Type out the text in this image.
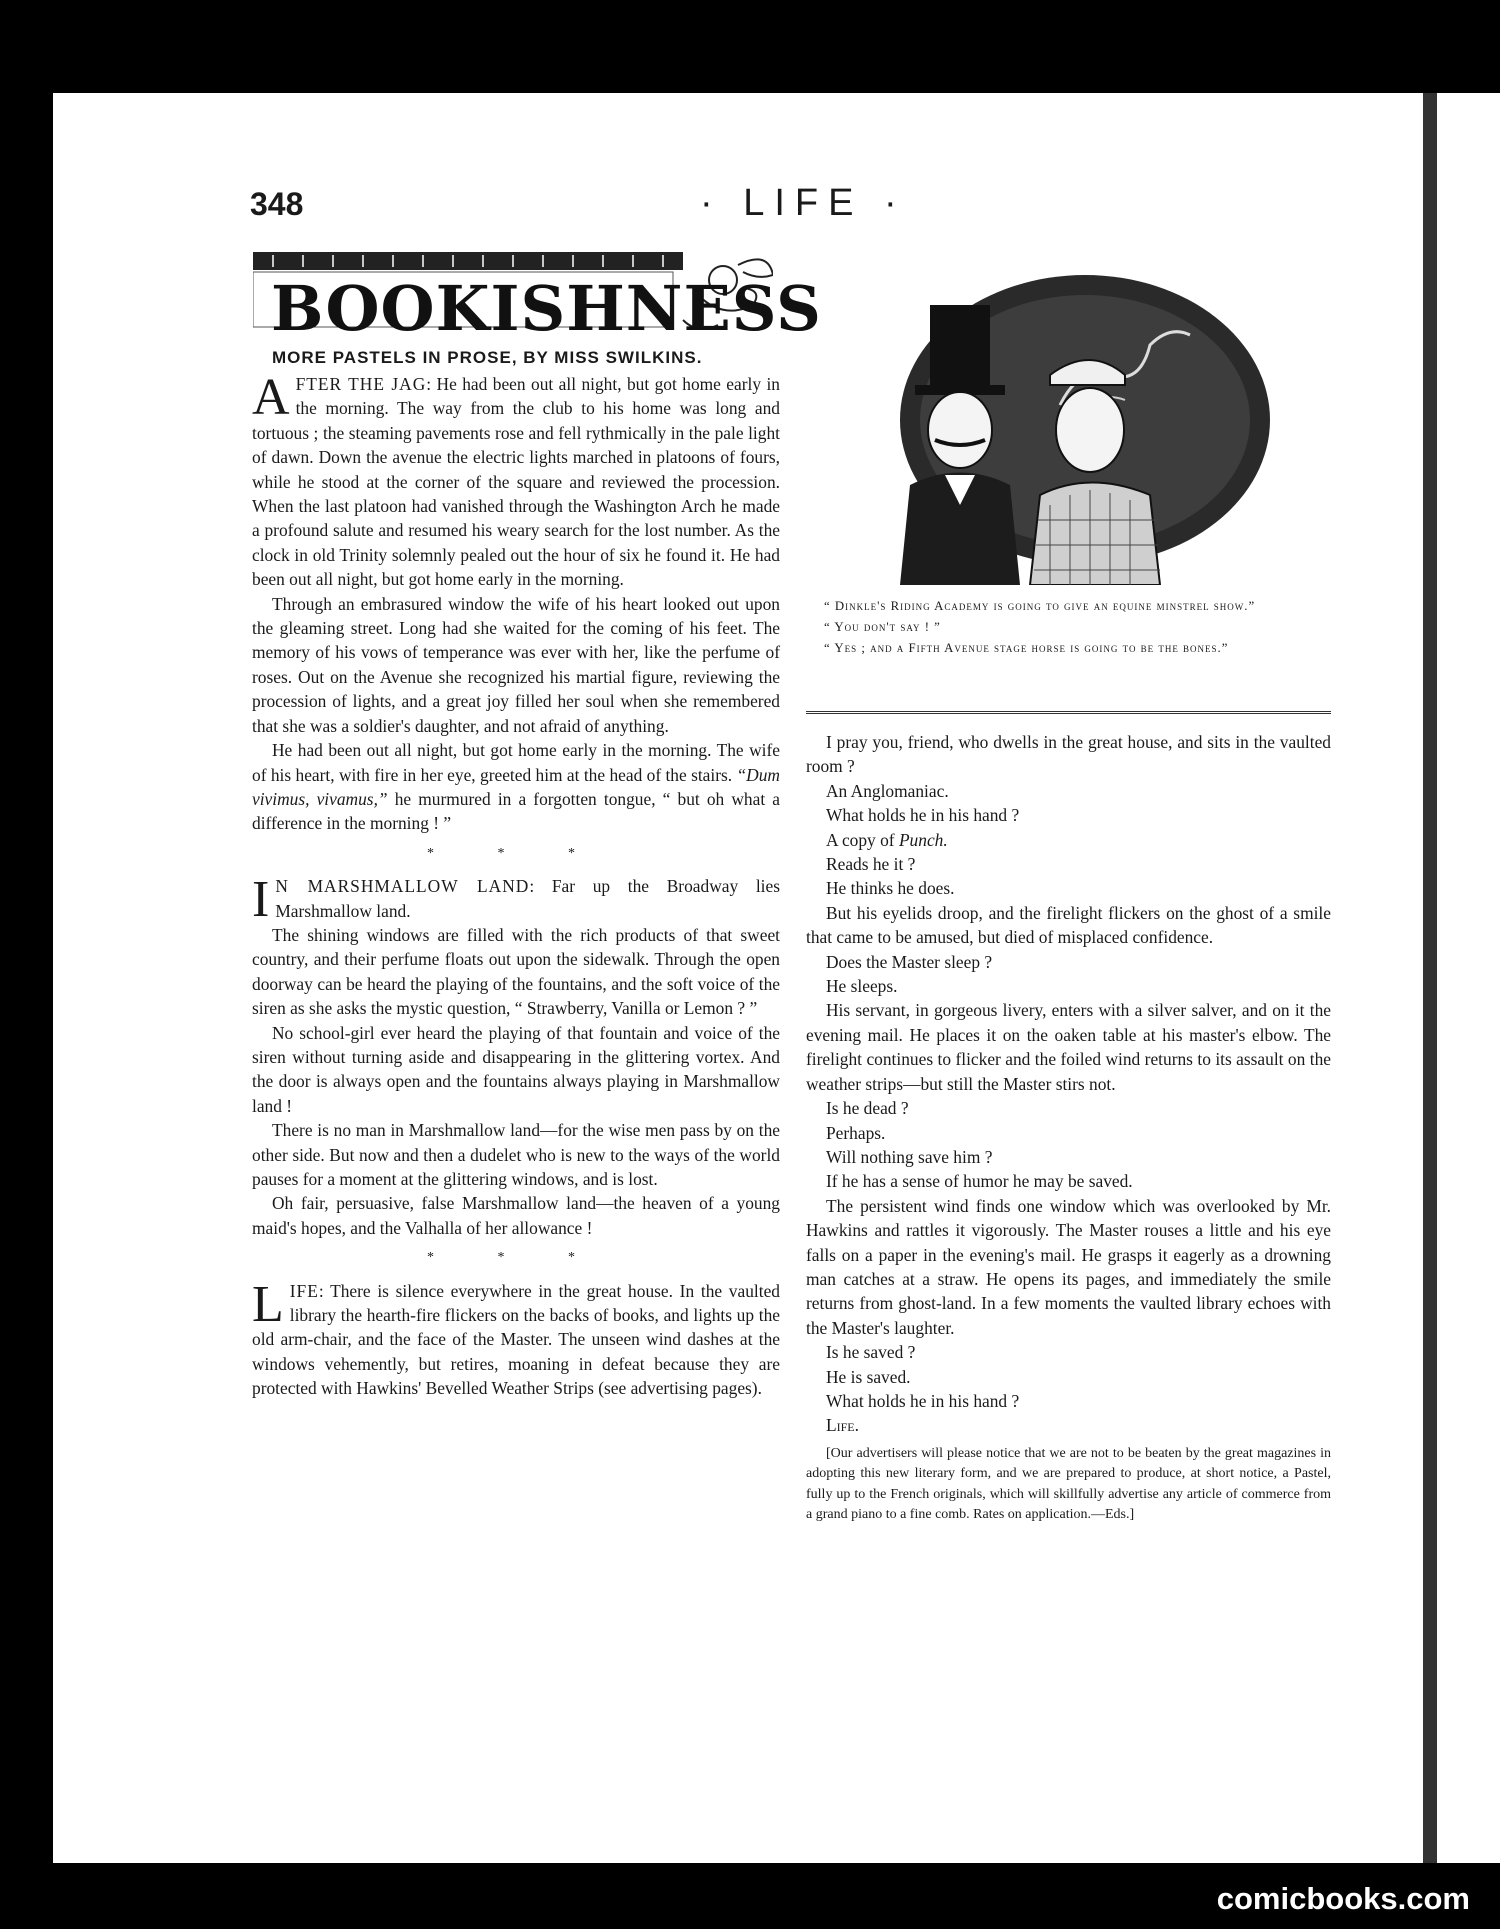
348	· LIFE ·
BOOKISHNESS
MORE PASTELS IN PROSE, BY MISS SWILKINS.

AFTER THE JAG: He had been out all night, but got home early in the morning. The way from the club to his home was long and tortuous ; the steaming pavements rose and fell rythmically in the pale light of dawn. Down the avenue the electric lights marched in platoons of fours, while he stood at the corner of the square and reviewed the procession. When the last platoon had vanished through the Washington Arch he made a profound salute and resumed his weary search for the lost number. As the clock in old Trinity solemnly pealed out the hour of six he found it. He had been out all night, but got home early in the morning.

Through an embrasured window the wife of his heart looked out upon the gleaming street. Long had she waited for the coming of his feet. The memory of his vows of temperance was ever with her, like the perfume of roses. Out on the Avenue she recognized his martial figure, reviewing the procession of lights, and a great joy filled her soul when she remembered that she was a soldier's daughter, and not afraid of anything.

He had been out all night, but got home early in the morning. The wife of his heart, with fire in her eye, greeted him at the head of the stairs. “Dum vivimus, vivamus,” he murmured in a forgotten tongue, “ but oh what a difference in the morning ! ”

* * *

I N MARSHMALLOW LAND: Far up the Broadway lies Marshmallow land.

The shining windows are filled with the rich products of that sweet country, and their perfume floats out upon the sidewalk. Through the open doorway can be heard the playing of the fountains, and the soft voice of the siren as she asks the mystic question, “ Strawberry, Vanilla or Lemon ? ”

No school-girl ever heard the playing of that fountain and voice of the siren without turning aside and disappearing in the glittering vortex. And the door is always open and the fountains always playing in Marshmallow land !

There is no man in Marshmallow land—for the wise men pass by on the other side. But now and then a dudelet who is new to the ways of the world pauses for a moment at the glittering windows, and is lost.

Oh fair, persuasive, false Marshmallow land—the heaven of a young maid's hopes, and the Valhalla of her allowance !

* * *

LIFE: There is silence everywhere in the great house. In the vaulted library the hearth-fire flickers on the backs of books, and lights up the old arm-chair, and the face of the Master. The unseen wind dashes at the windows vehemently, but retires, moaning in defeat because they are protected with Hawkins' Bevelled Weather Strips (see advertising pages).

“ Dinkle's Riding Academy is going to give an equine minstrel show.”

“ You don't say ! ”

“ Yes ; and a Fifth Avenue stage horse is going to be the bones.”

I pray you, friend, who dwells in the great house, and sits in the vaulted room ?

An Anglomaniac.

What holds he in his hand ?

A copy of Punch.

Reads he it ?

He thinks he does.

But his eyelids droop, and the firelight flickers on the ghost of a smile that came to be amused, but died of misplaced confidence.

Does the Master sleep ?

He sleeps.

His servant, in gorgeous livery, enters with a silver salver, and on it the evening mail. He places it on the oaken table at his master's elbow. The firelight continues to flicker and the foiled wind returns to its assault on the weather strips—but still the Master stirs not.

Is he dead ?

Perhaps.

Will nothing save him ?

If he has a sense of humor he may be saved.

The persistent wind finds one window which was overlooked by Mr. Hawkins and rattles it vigorously. The Master rouses a little and his eye falls on a paper in the evening's mail. He grasps it eagerly as a drowning man catches at a straw. He opens its pages, and immediately the smile returns from ghost-land. In a few moments the vaulted library echoes with the Master's laughter.

Is he saved ?

He is saved.

What holds he in his hand ?

Life.

[Our advertisers will please notice that we are not to be beaten by the great magazines in adopting this new literary form, and we are prepared to produce, at short notice, a Pastel, fully up to the French originals, which will skillfully advertise any article of commerce from a grand piano to a fine comb. Rates on application.—Eds.]

comicbooks.com
